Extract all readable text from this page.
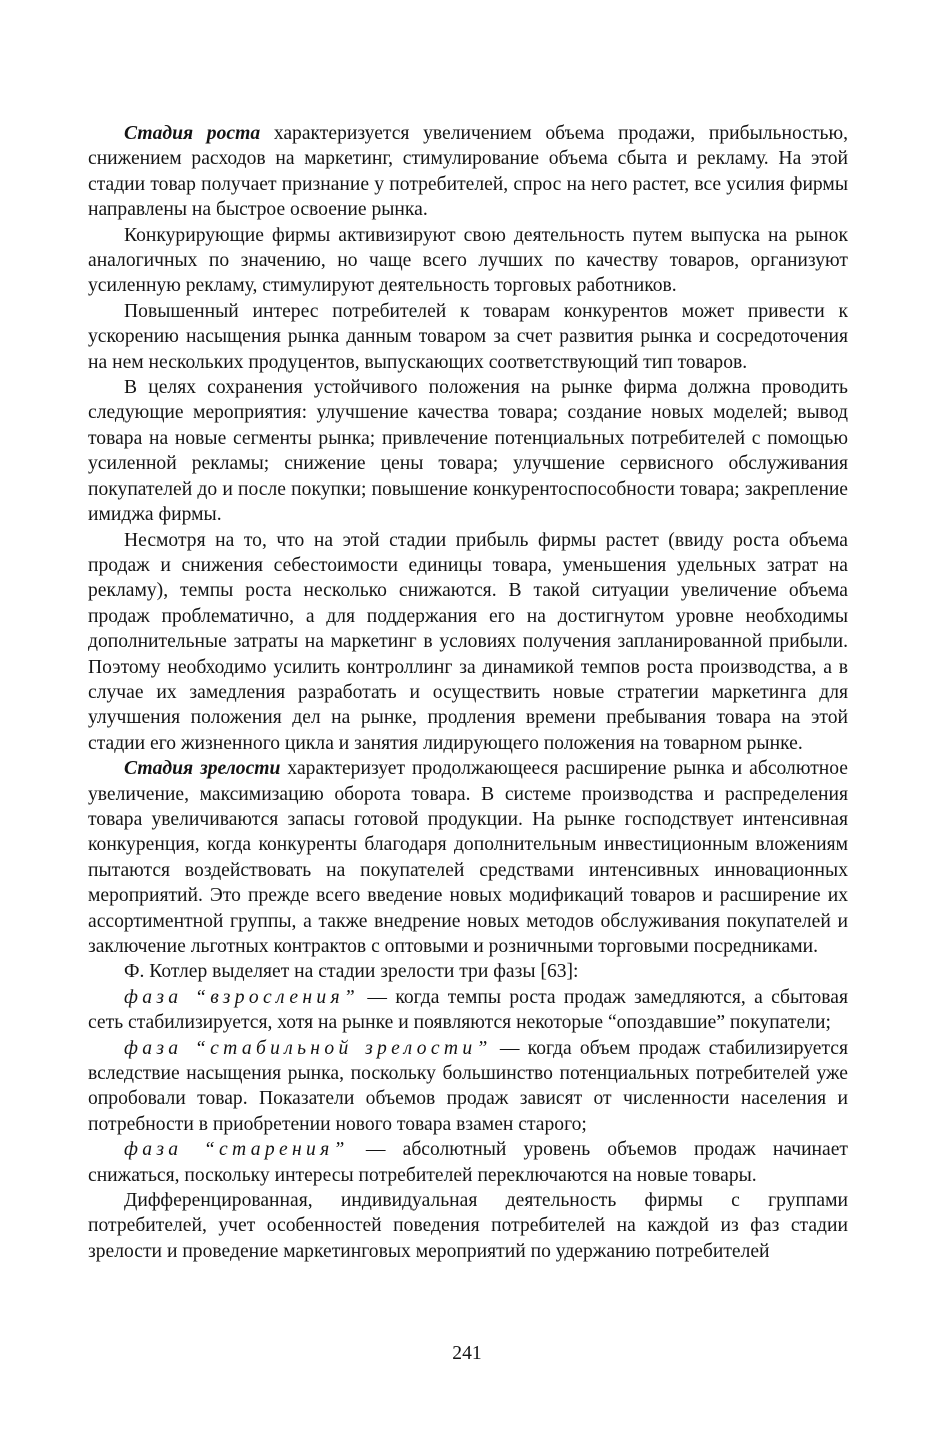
Стадия роста характеризуется увеличением объема продажи, прибыльностью, снижением расходов на маркетинг, стимулирование объема сбыта и рекламу. На этой стадии товар получает признание у потребителей, спрос на него растет, все усилия фирмы направлены на быстрое освоение рынка.

Конкурирующие фирмы активизируют свою деятельность путем выпуска на рынок аналогичных по значению, но чаще всего лучших по качеству товаров, организуют усиленную рекламу, стимулируют деятельность торговых работников.

Повышенный интерес потребителей к товарам конкурентов может привести к ускорению насыщения рынка данным товаром за счет развития рынка и сосредоточения на нем нескольких продуцентов, выпускающих соответствующий тип товаров.

В целях сохранения устойчивого положения на рынке фирма должна проводить следующие мероприятия: улучшение качества товара; создание новых моделей; вывод товара на новые сегменты рынка; привлечение потенциальных потребителей с помощью усиленной рекламы; снижение цены товара; улучшение сервисного обслуживания покупателей до и после покупки; повышение конкурентоспособности товара; закрепление имиджа фирмы.

Несмотря на то, что на этой стадии прибыль фирмы растет (ввиду роста объема продаж и снижения себестоимости единицы товара, уменьшения удельных затрат на рекламу), темпы роста несколько снижаются. В такой ситуации увеличение объема продаж проблематично, а для поддержания его на достигнутом уровне необходимы дополнительные затраты на маркетинг в условиях получения запланированной прибыли. Поэтому необходимо усилить контроллинг за динамикой темпов роста производства, а в случае их замедления разработать и осуществить новые стратегии маркетинга для улучшения положения дел на рынке, продления времени пребывания товара на этой стадии его жизненного цикла и занятия лидирующего положения на товарном рынке.

Стадия зрелости характеризует продолжающееся расширение рынка и абсолютное увеличение, максимизацию оборота товара. В системе производства и распределения товара увеличиваются запасы готовой продукции. На рынке господствует интенсивная конкуренция, когда конкуренты благодаря дополнительным инвестиционным вложениям пытаются воздействовать на покупателей средствами интенсивных инновационных мероприятий. Это прежде всего введение новых модификаций товаров и расширение их ассортиментной группы, а также внедрение новых методов обслуживания покупателей и заключение льготных контрактов с оптовыми и розничными торговыми посредниками.

Ф. Котлер выделяет на стадии зрелости три фазы [63]:

фаза “взросления” — когда темпы роста продаж замедляются, а сбытовая сеть стабилизируется, хотя на рынке и появляются некоторые “опоздавшие” покупатели;

фаза “стабильной зрелости” — когда объем продаж стабилизируется вследствие насыщения рынка, поскольку большинство потенциальных потребителей уже опробовали товар. Показатели объемов продаж зависят от численности населения и потребности в приобретении нового товара взамен старого;

фаза “старения” — абсолютный уровень объемов продаж начинает снижаться, поскольку интересы потребителей переключаются на новые товары.

Дифференцированная, индивидуальная деятельность фирмы с группами потребителей, учет особенностей поведения потребителей на каждой из фаз стадии зрелости и проведение маркетинговых мероприятий по удержанию потребителей

241
